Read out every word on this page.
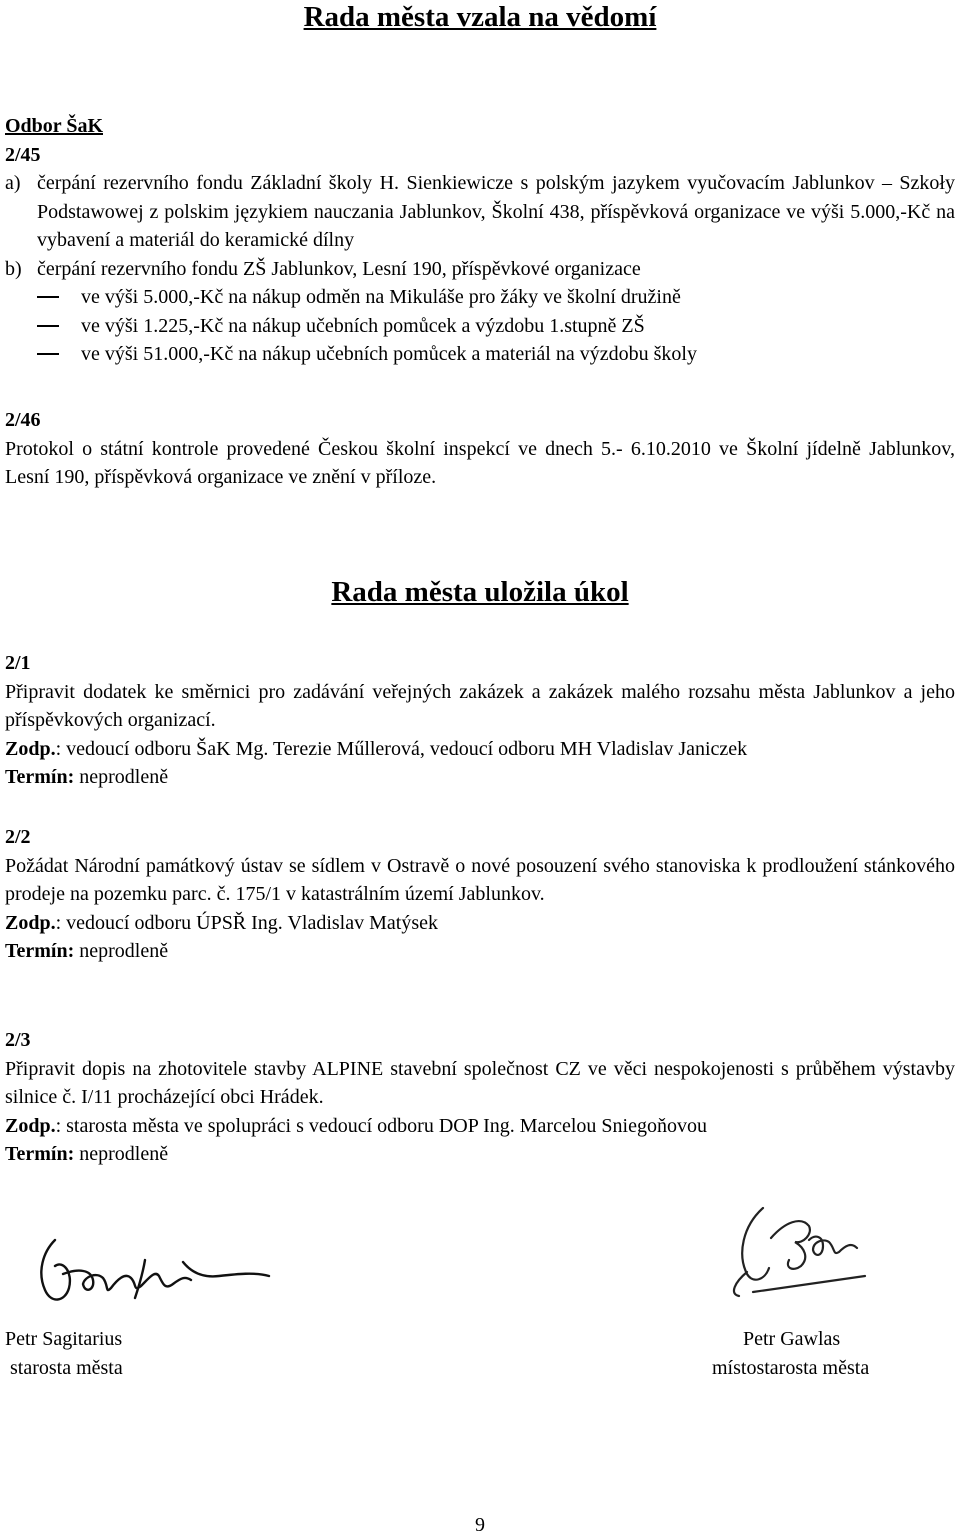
Rada města vzala na vědomí
Odbor ŠaK
2/45
a) čerpání rezervního fondu Základní školy H. Sienkiewicze s polským jazykem vyučovacím Jablunkov – Szkoły Podstawowej z polskim językiem nauczania Jablunkov, Školní 438, příspěvková organizace ve výši 5.000,-Kč na vybavení a materiál do keramické dílny
b) čerpání rezervního fondu ZŠ Jablunkov, Lesní 190, příspěvkové organizace
ve výši 5.000,-Kč na nákup odměn na Mikuláše pro žáky ve školní družině
ve výši 1.225,-Kč na nákup učebních pomůcek a výzdobu 1.stupně ZŠ
ve výši 51.000,-Kč na nákup učebních pomůcek a materiál na výzdobu školy
2/46
Protokol o státní kontrole provedené Českou školní inspekcí ve dnech 5.- 6.10.2010 ve Školní jídelně Jablunkov, Lesní 190, příspěvková organizace ve znění v příloze.
Rada města uložila úkol
2/1
Připravit dodatek ke směrnici pro zadávání veřejných zakázek a zakázek malého rozsahu města Jablunkov a jeho příspěvkových organizací.
Zodp.: vedoucí odboru ŠaK Mg. Terezie Műllerová, vedoucí odboru MH Vladislav Janiczek
Termín: neprodleně
2/2
Požádat Národní památkový ústav se sídlem v Ostravě o nové posouzení svého stanoviska k prodloužení stánkového prodeje na pozemku parc. č. 175/1 v katastrálním území Jablunkov.
Zodp.: vedoucí odboru ÚPSŘ Ing. Vladislav Matýsek
Termín: neprodleně
2/3
Připravit dopis na zhotovitele stavby ALPINE stavební společnost CZ ve věci nespokojenosti s průběhem výstavby silnice č. I/11 procházející obci Hrádek.
Zodp.: starosta města ve spolupráci s vedoucí odboru DOP Ing. Marcelou Sniegoňovou
Termín: neprodleně
Petr Sagitarius
starosta města
Petr Gawlas
místostarosta města
9
